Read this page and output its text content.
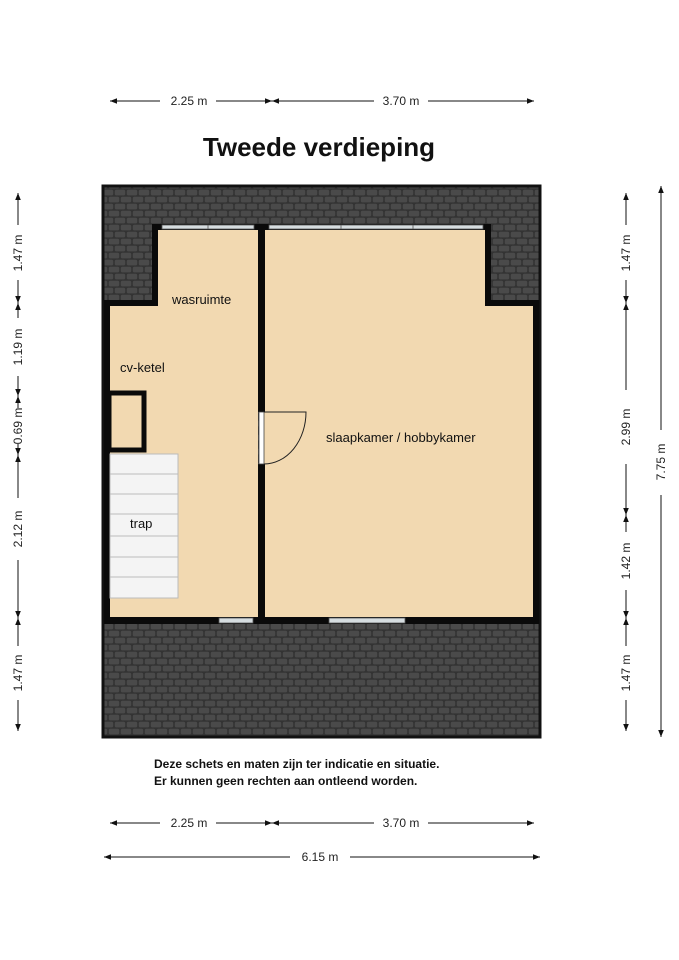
Tweede verdieping
wasruimte
cv-ketel
trap
slaapkamer / hobbykamer
2.25 m	3.70 m
2.25 m	3.70 m
6.15 m
1.47 m
1.19 m
0.69 m
2.12 m
1.47 m
1.47 m
2.99 m
1.42 m
1.47 m
7.75 m
Deze schets en maten zijn ter indicatie en situatie.
Er kunnen geen rechten aan ontleend worden.
